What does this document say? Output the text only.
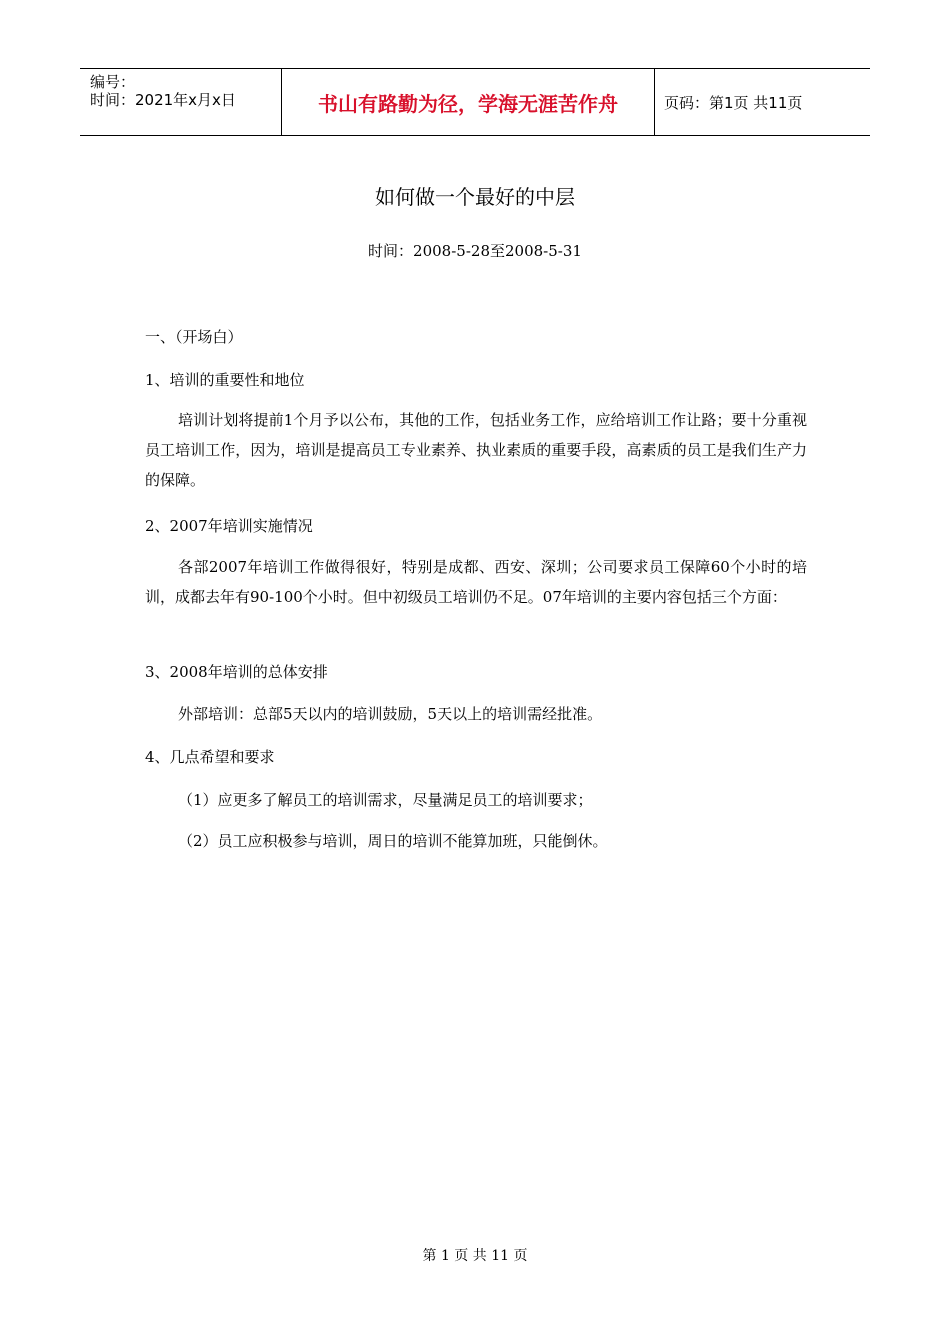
编号：
时间：2021年x月x日	书山有路勤为径，学海无涯苦作舟	页码：第1页 共11页
如何做一个最好的中层
时间：2008-5-28至2008-5-31
一、（开场白）
1、培训的重要性和地位
培训计划将提前1个月予以公布，其他的工作，包括业务工作，应给培训工作让路；要十分重视员工培训工作，因为，培训是提高员工专业素养、执业素质的重要手段，高素质的员工是我们生产力的保障。
2、2007年培训实施情况
各部2007年培训工作做得很好，特别是成都、西安、深圳；公司要求员工保障60个小时的培训，成都去年有90-100个小时。但中初级员工培训仍不足。07年培训的主要内容包括三个方面：
3、2008年培训的总体安排
外部培训：总部5天以内的培训鼓励，5天以上的培训需经批准。
4、几点希望和要求
（1）应更多了解员工的培训需求，尽量满足员工的培训要求；
（2）员工应积极参与培训，周日的培训不能算加班，只能倒休。
第 1 页 共 11 页
